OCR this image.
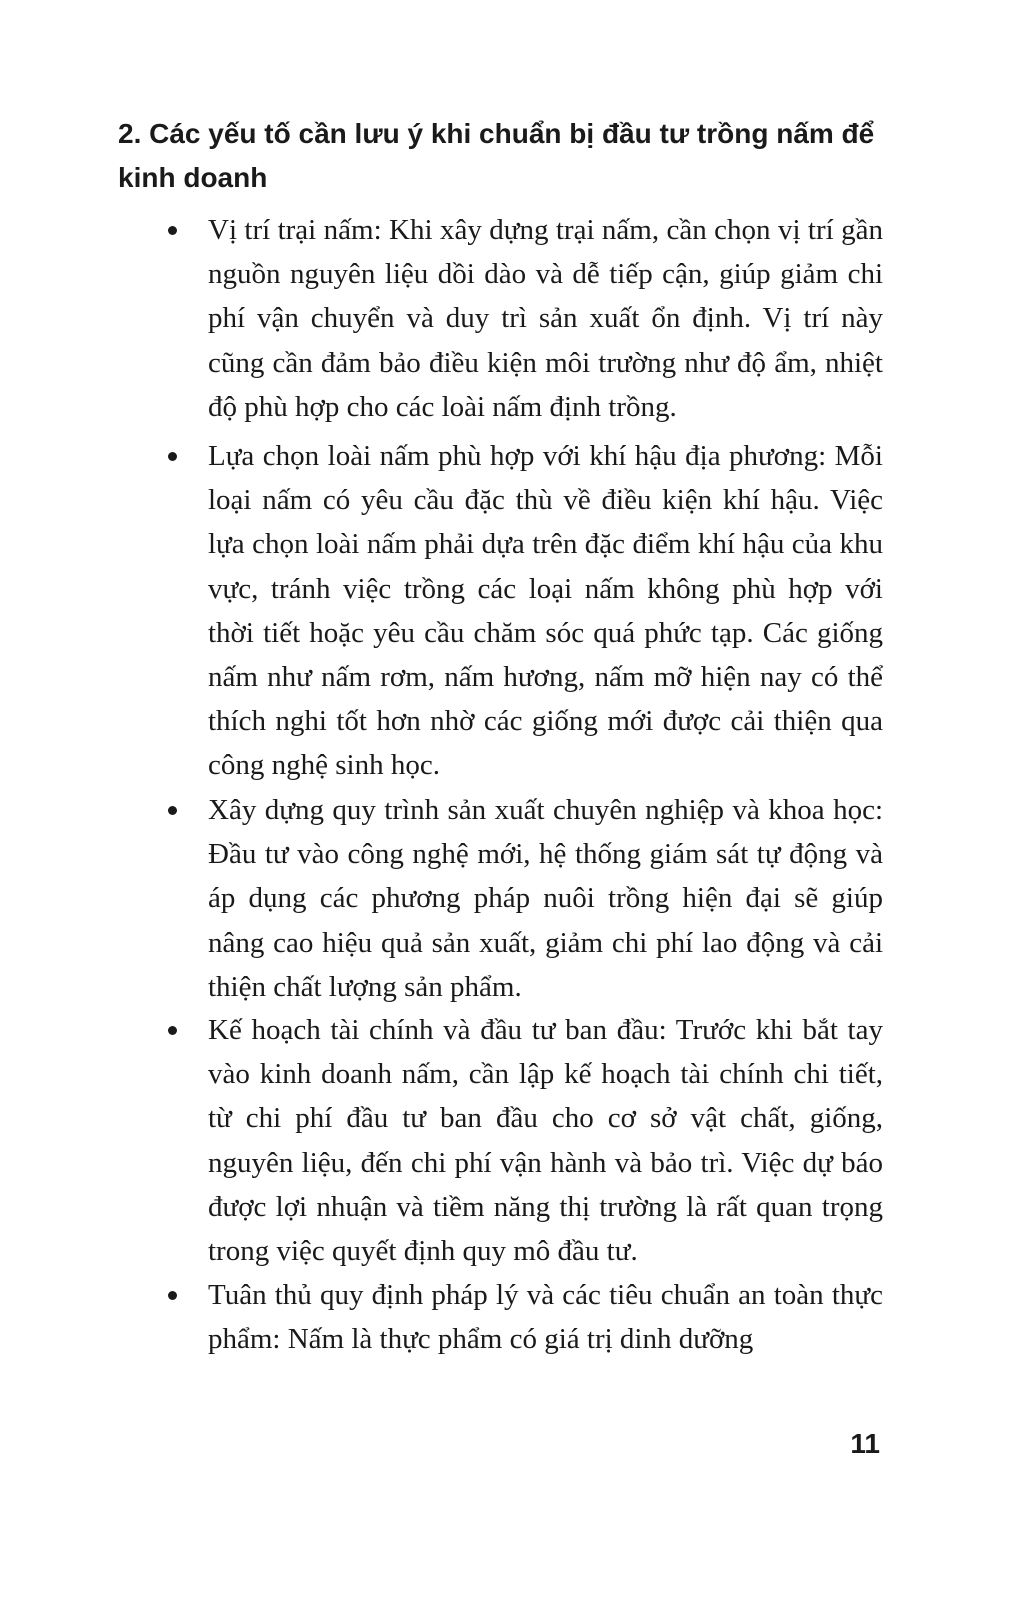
2. Các yếu tố cần lưu ý khi chuẩn bị đầu tư trồng nấm để kinh doanh
Vị trí trại nấm: Khi xây dựng trại nấm, cần chọn vị trí gần nguồn nguyên liệu dồi dào và dễ tiếp cận, giúp giảm chi phí vận chuyển và duy trì sản xuất ổn định. Vị trí này cũng cần đảm bảo điều kiện môi trường như độ ẩm, nhiệt độ phù hợp cho các loài nấm định trồng.
Lựa chọn loài nấm phù hợp với khí hậu địa phương: Mỗi loại nấm có yêu cầu đặc thù về điều kiện khí hậu. Việc lựa chọn loài nấm phải dựa trên đặc điểm khí hậu của khu vực, tránh việc trồng các loại nấm không phù hợp với thời tiết hoặc yêu cầu chăm sóc quá phức tạp. Các giống nấm như nấm rơm, nấm hương, nấm mỡ hiện nay có thể thích nghi tốt hơn nhờ các giống mới được cải thiện qua công nghệ sinh học.
Xây dựng quy trình sản xuất chuyên nghiệp và khoa học: Đầu tư vào công nghệ mới, hệ thống giám sát tự động và áp dụng các phương pháp nuôi trồng hiện đại sẽ giúp nâng cao hiệu quả sản xuất, giảm chi phí lao động và cải thiện chất lượng sản phẩm.
Kế hoạch tài chính và đầu tư ban đầu: Trước khi bắt tay vào kinh doanh nấm, cần lập kế hoạch tài chính chi tiết, từ chi phí đầu tư ban đầu cho cơ sở vật chất, giống, nguyên liệu, đến chi phí vận hành và bảo trì. Việc dự báo được lợi nhuận và tiềm năng thị trường là rất quan trọng trong việc quyết định quy mô đầu tư.
Tuân thủ quy định pháp lý và các tiêu chuẩn an toàn thực phẩm: Nấm là thực phẩm có giá trị dinh dưỡng
11
